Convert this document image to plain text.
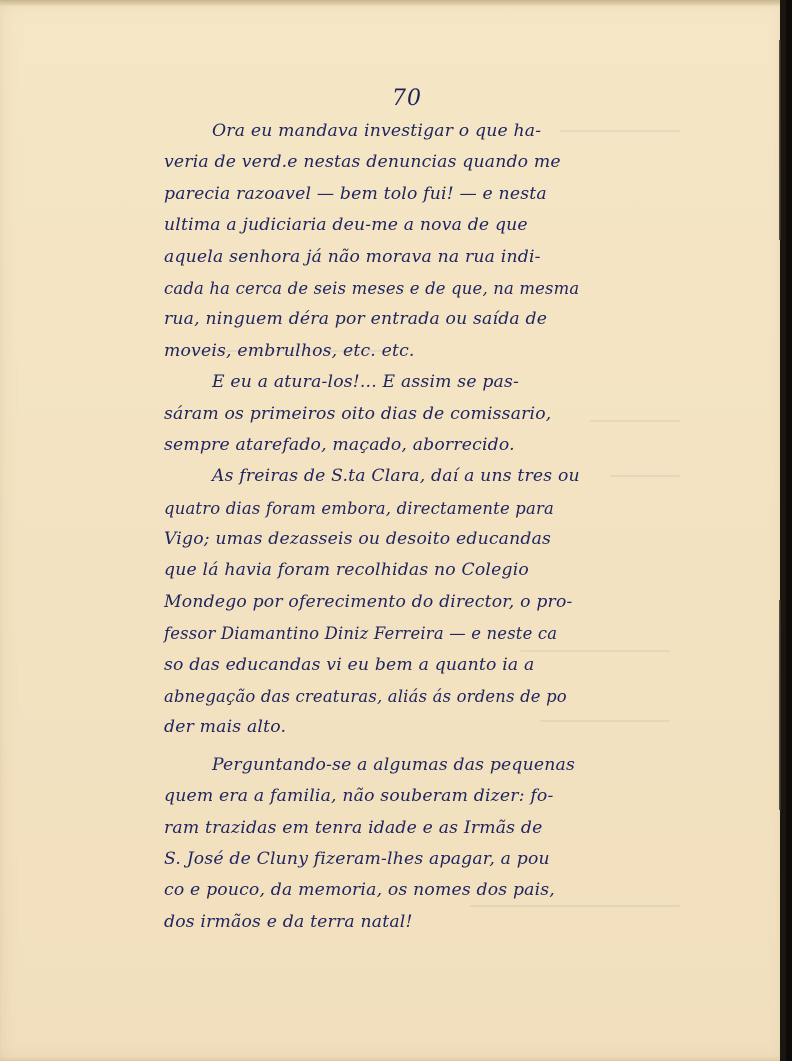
70
Ora eu mandava investigar o que ha-
veria de verd.e nestas denuncias quando me
parecia razoavel — bem tolo fui! — e nesta
ultima a judiciaria deu-me a nova de que
aquela senhora já não morava na rua indi-
cada ha cerca de seis meses e de que, na mesma
rua, ninguem déra por entrada ou saída de
moveis, embrulhos, etc. etc.
E eu a atura-los!... E assim se pas-
sáram os primeiros oito dias de comissario,
sempre atarefado, maçado, aborrecido.
As freiras de S.ta Clara, daí a uns tres ou
quatro dias foram embora, directamente para
Vigo; umas dezasseis ou desoito educandas
que lá havia foram recolhidas no Colegio
Mondego por oferecimento do director, o pro-
fessor Diamantino Diniz Ferreira — e neste ca
so das educandas vi eu bem a quanto ia a
abnegação das creaturas, aliás ás ordens de po
der mais alto.
Perguntando-se a algumas das pequenas
quem era a familia, não souberam dizer: fo-
ram trazidas em tenra idade e as Irmãs de
S. José de Cluny fizeram-lhes apagar, a pou
co e pouco, da memoria, os nomes dos pais,
dos irmãos e da terra natal!
